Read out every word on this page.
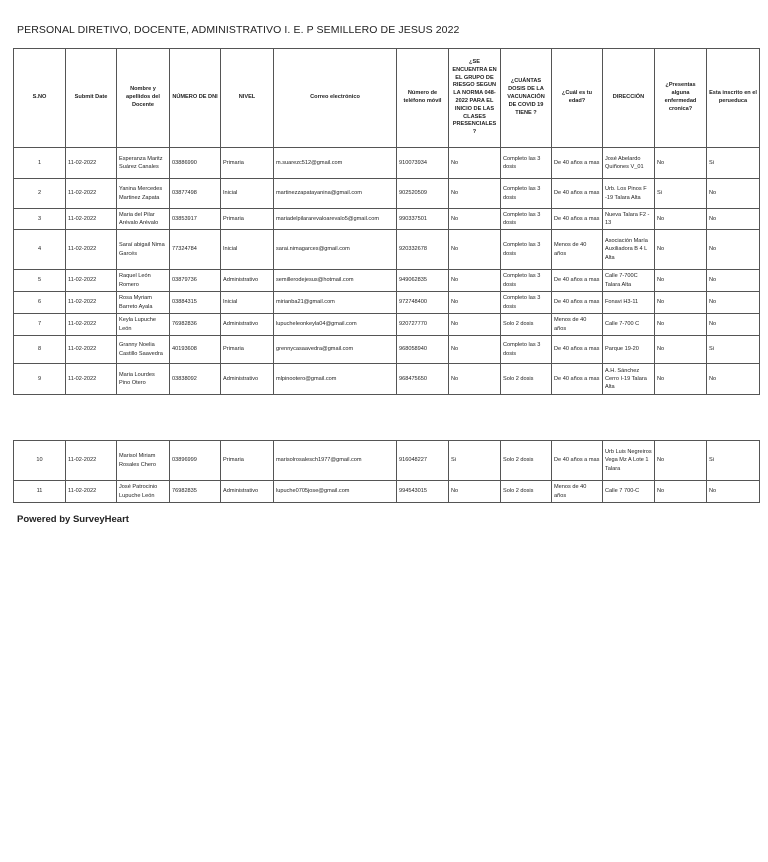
PERSONAL DIRETIVO, DOCENTE, ADMINISTRATIVO I. E. P SEMILLERO DE JESUS 2022
S.NO	Submit Date	Nombre y apellidos del Docente	NÚMERO DE DNI	NIVEL	Correo electrónico	Número de teléfono móvil	¿SE ENCUENTRA EN EL GRUPO DE RIESGO SEGUN LA NORMA 048-2022 PARA EL INICIO DE LAS CLASES PRESENCIALES ?	¿CUÁNTAS DOSIS DE LA VACUNACIÓN DE COVID 19 TIENE ?	¿Cuál es tu edad?	DIRECCIÓN	¿Presentas alguna enfermedad cronica?	Esta inscrito en el perueduca
1	11-02-2022	Esperanza Maritz Suárez Canales	03886990	Primaria	m.suarezc512@gmail.com	910073934	No	Completo las 3 dosis	De 40 años a mas	José Abelardo Quiñones V_01	No	Si
2	11-02-2022	Yanina Mercedes Martinez Zapata	03877498	Inicial	martinezzapatayanina@gmail.com	902520509	No	Completo las 3 dosis	De 40 años a mas	Urb. Los Pinos F -19 Talara Alta	Si	No
3	11-02-2022	Maria del Pilar Arévalo Arévalo	03853917	Primaria	mariadelpilararevaloarevalo5@gmail.com	990337501	No	Completo las 3 dosis	De 40 años a mas	Nueva Talara F2 - 13	No	No
4	11-02-2022	Saraí abigail Nima Garcés	77324784	Inicial	sarai.nimagarces@gmail.com	920332678	No	Completo las 3 dosis	Menos de 40 años	Asociación María Auxiliadora B 4 L Alta	No	No
5	11-02-2022	Raquel León Romero	03879736	Administrativo	semillerodejesus@hotmail.com	949062835	No	Completo las 3 dosis	De 40 años a mas	Calle 7-700C Talara Alta	No	No
6	11-02-2022	Rosa Myriam Barreto Ayala	03884315	Inicial	mirianba21@gmail.com	972748400	No	Completo las 3 dosis	De 40 años a mas	Fonavi H3-11	No	No
7	11-02-2022	Keyla Lupuche León	76982836	Administrativo	lupucheleonkeyla04@gmail.com	920727770	No	Solo 2 dosis	Menos de 40 años	Calle 7-700 C	No	No
8	11-02-2022	Granny Noelia Castillo Saavedra	40193608	Primaria	grennycasaavedra@gmail.com	968058940	No	Completo las 3 dosis	De 40 años a mas	Parque 19-20	No	Si
9	11-02-2022	Maria Lourdes Pino Otero	03838092	Administrativo	mlpinootero@gmail.com	968475650	No	Solo 2 dosis	De 40 años a mas	A.H. Sánchez Cerro I-19 Talara Alta	No	No
10	11-02-2022	Marisol Miriam Rosales Chero	03896999	Primaria	marisolrosalesch1977@gmail.com	916048227	Si	Solo 2 dosis	De 40 años a mas	Urb Luis Negreiros Vega Mz A Lote 1 Talara	No	Si
11	11-02-2022	José Patrocinio Lupuche León	76982835	Administrativo	lupuche0705jose@gmail.com	994543015	No	Solo 2 dosis	Menos de 40 años	Calle 7 700-C	No	No
Powered by SurveyHeart
